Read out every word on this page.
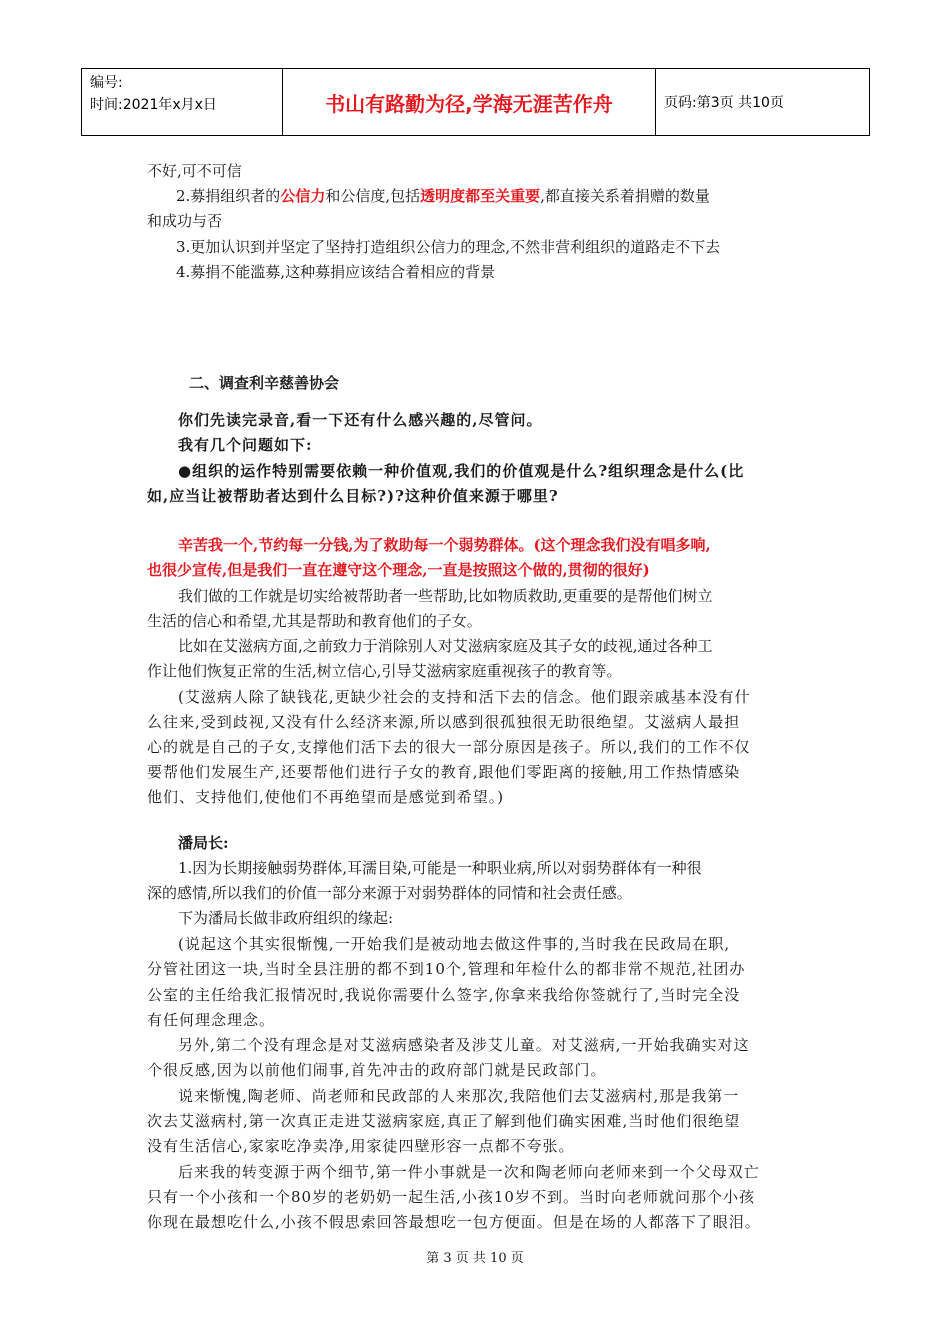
编号:
时间:2021年x月x日	书山有路勤为径,学海无涯苦作舟	页码:第3页 共10页
不好,可不可信
2.募捐组织者的公信力和公信度,包括透明度都至关重要,都直接关系着捐赠的数量
和成功与否
3.更加认识到并坚定了坚持打造组织公信力的理念,不然非营利组织的道路走不下去
4.募捐不能滥募,这种募捐应该结合着相应的背景
二、调查利辛慈善协会
你们先读完录音,看一下还有什么感兴趣的,尽管问。
我有几个问题如下:
●组织的运作特别需要依赖一种价值观,我们的价值观是什么?组织理念是什么(比
如,应当让被帮助者达到什么目标?)?这种价值来源于哪里?
辛苦我一个,节约每一分钱,为了救助每一个弱势群体。(这个理念我们没有唱多响,
也很少宣传,但是我们一直在遵守这个理念,一直是按照这个做的,贯彻的很好)
我们做的工作就是切实给被帮助者一些帮助,比如物质救助,更重要的是帮他们树立
生活的信心和希望,尤其是帮助和教育他们的子女。
比如在艾滋病方面,之前致力于消除别人对艾滋病家庭及其子女的歧视,通过各种工
作让他们恢复正常的生活,树立信心,引导艾滋病家庭重视孩子的教育等。
(艾滋病人除了缺钱花,更缺少社会的支持和活下去的信念。他们跟亲戚基本没有什
么往来,受到歧视,又没有什么经济来源,所以感到很孤独很无助很绝望。艾滋病人最担
心的就是自己的子女,支撑他们活下去的很大一部分原因是孩子。所以,我们的工作不仅
要帮他们发展生产,还要帮他们进行子女的教育,跟他们零距离的接触,用工作热情感染
他们、支持他们,使他们不再绝望而是感觉到希望。)
潘局长:
1.因为长期接触弱势群体,耳濡目染,可能是一种职业病,所以对弱势群体有一种很
深的感情,所以我们的价值一部分来源于对弱势群体的同情和社会责任感。
下为潘局长做非政府组织的缘起:
(说起这个其实很惭愧,一开始我们是被动地去做这件事的,当时我在民政局在职,
分管社团这一块,当时全县注册的都不到10个,管理和年检什么的都非常不规范,社团办
公室的主任给我汇报情况时,我说你需要什么签字,你拿来我给你签就行了,当时完全没
有任何理念理念。
另外,第二个没有理念是对艾滋病感染者及涉艾儿童。对艾滋病,一开始我确实对这
个很反感,因为以前他们闹事,首先冲击的政府部门就是民政部门。
说来惭愧,陶老师、尚老师和民政部的人来那次,我陪他们去艾滋病村,那是我第一
次去艾滋病村,第一次真正走进艾滋病家庭,真正了解到他们确实困难,当时他们很绝望
没有生活信心,家家吃净卖净,用家徒四壁形容一点都不夸张。
后来我的转变源于两个细节,第一件小事就是一次和陶老师向老师来到一个父母双亡
只有一个小孩和一个80岁的老奶奶一起生活,小孩10岁不到。当时向老师就问那个小孩
你现在最想吃什么,小孩不假思索回答最想吃一包方便面。但是在场的人都落下了眼泪。
第 3 页 共 10 页
